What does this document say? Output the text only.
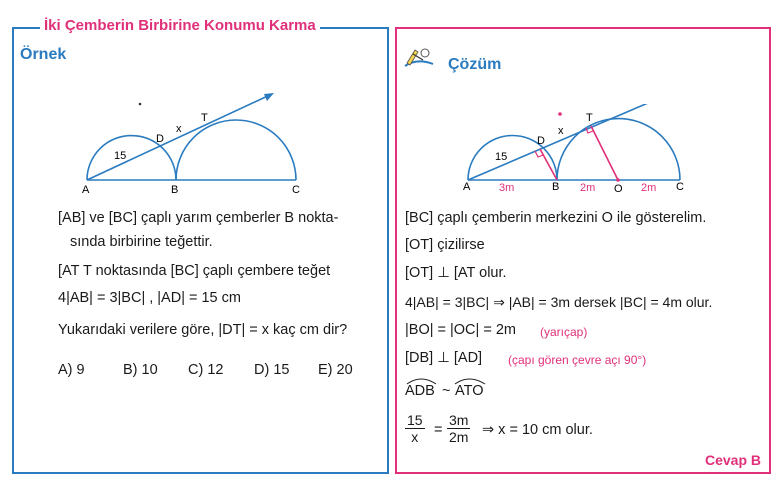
İki Çemberin Birbirine Konumu Karma
Örnek
A	B	C
D
T
15
x
[AB] ve [BC] çaplı yarım çemberler B nokta-
sında birbirine teğettir.
[AT T noktasında [BC] çaplı çembere teğet
4|AB| = 3|BC| , |AD| = 15 cm
Yukarıdaki verilere göre, |DT| = x kaç cm dir?
A) 9	B) 10 C) 12 D) 15 E) 20
Çözüm
A	B	C
O
D
T
15
x
3m	2m	2m
[BC] çaplı çemberin merkezini O ile gösterelim.
[OT] çizilirse
[OT] ⊥ [AT olur.
4|AB| = 3|BC| ⇒ |AB| = 3m dersek |BC| = 4m olur.
|BO| = |OC| = 2m (yarıçap)
[DB] ⊥ [AD] (çapı gören çevre açı 90°)
ADB ~ ATO
$\frac{15}{x} = \frac{3m}{2m}$ ⇒ x = 10 cm olur.
Cevap B
